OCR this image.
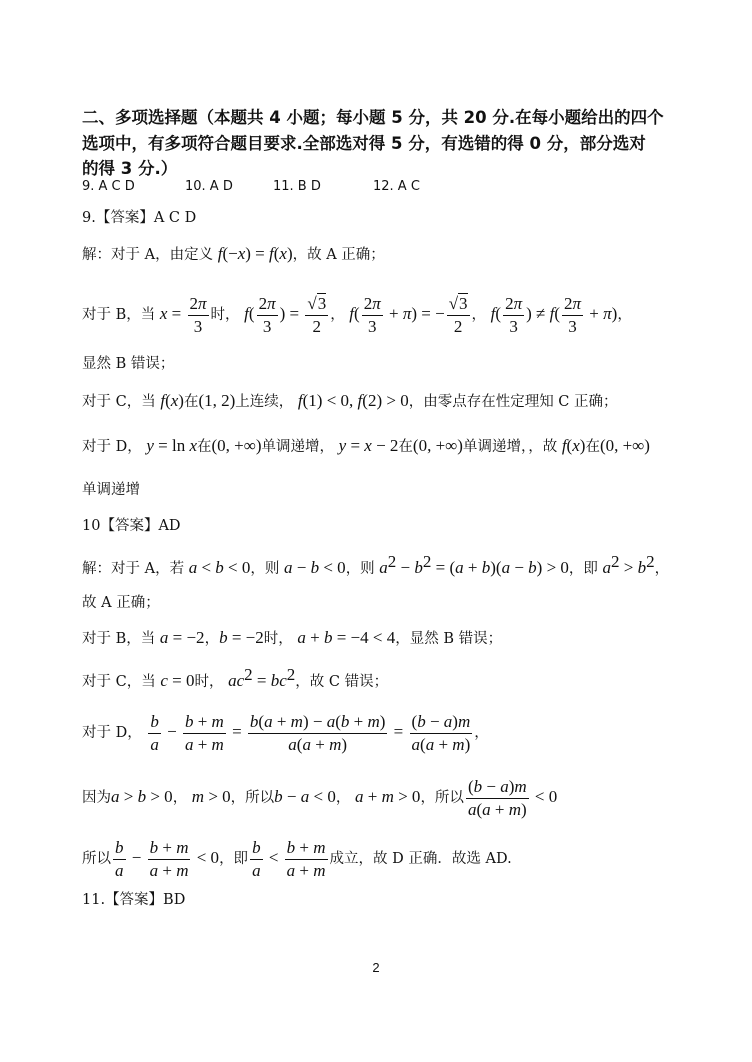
二、多项选择题（本题共 4 小题；每小题 5 分，共 20 分.在每小题给出的四个
选项中，有多项符合题目要求.全部选对得 5 分，有选错的得 0 分，部分选对
的得 3 分.）
9. A C D	10. A D	11. B D	12. A C
9.【答案】A C D
解：对于 A，由定义 f(−x) = f(x)，故 A 正确；
对于 B，当 $x = \frac{2\pi}{3}$ 时， $f( \frac{2\pi}{3}$ ) = $\frac{√3}{2}$ ， $f( \frac{2\pi}{3} + \pi)$ = − $\frac{√3}{2}$ ， $f( \frac{2\pi}{3}$ ) ≠ $f( \frac{2\pi}{3} + \pi)$，
显然 B 错误；
对于 C，当 f(x)在(1, 2)上连续， f(1) < 0, f(2) > 0，由零点存在性定理知 C 正确；
对于 D， y = ln x在(0, +∞)单调递增， y = x − 2在(0, +∞)单调递增，，故 f(x)在(0, +∞)
单调递增
10【答案】AD
解：对于 A，若 a < b < 0，则 a − b < 0，则 $a^2 - b^2 = (a + b)(a - b) > 0$，即 $a^2 > b^2$，
故 A 正确；
对于 B，当 a = −2，b = −2时， a + b = −4 < 4，显然 B 错误；
对于 C，当 c = 0时， $ac^2 = bc^2$，故 C 错误；
对于 D， $\frac{b}{a} - \frac{b + m}{a + m} = \frac{b(a + m) - a(b + m)}{a(a + m)} = \frac{(b - a)m}{a(a + m)}$ ，
因为a > b > 0， m > 0，所以b − a < 0， a + m > 0，所以 $\frac{(b - a)m}{a(a + m)} < 0$
所以 $\frac{b}{a} - \frac{b + m}{a + m} < 0$，即 $\frac{b}{a} < \frac{b + m}{a + m}$ 成立，故 D 正确．故选 AD.
11.【答案】BD
2
